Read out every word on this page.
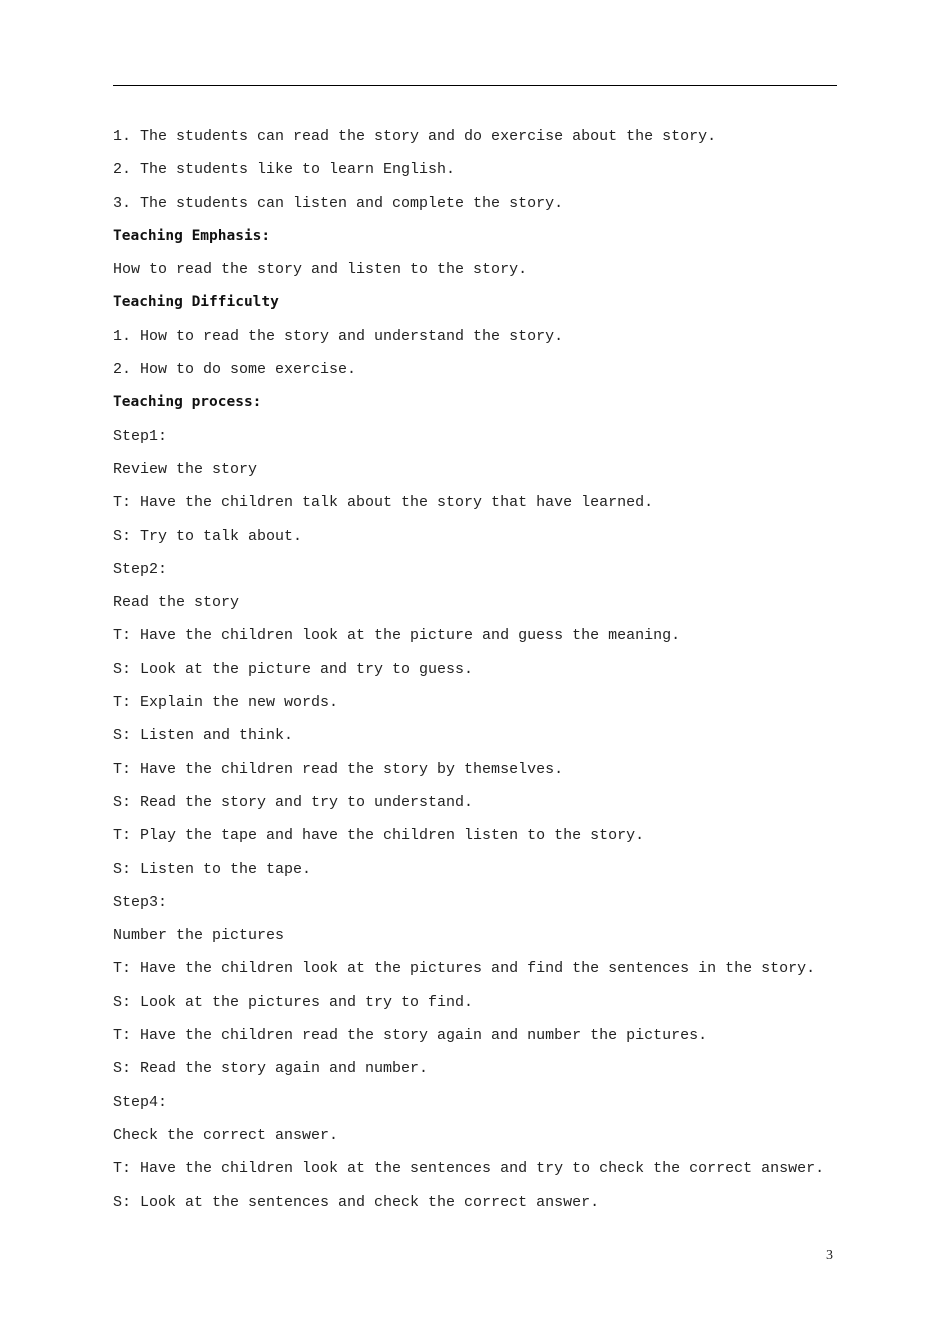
1. The students can read the story and do exercise about the story.
2. The students like to learn English.
3. The students can listen and complete the story.
Teaching Emphasis:
How to read the story and listen to the story.
Teaching Difficulty
1. How to read the story and understand the story.
2. How to do some exercise.
Teaching process:
Step1:
Review the story
T: Have the children talk about the story that have learned.
S: Try to talk about.
Step2:
Read the story
T: Have the children look at the picture and guess the meaning.
S: Look at the picture and try to guess.
T: Explain the new words.
S: Listen and think.
T: Have the children read the story by themselves.
S: Read the story and try to understand.
T: Play the tape and have the children listen to the story.
S: Listen to the tape.
Step3:
Number the pictures
T: Have the children look at the pictures and find the sentences in the story.
S: Look at the pictures and try to find.
T: Have the children read the story again and number the pictures.
S: Read the story again and number.
Step4:
Check the correct answer.
T: Have the children look at the sentences and try to check the correct answer.
S: Look at the sentences and check the correct answer.
3
